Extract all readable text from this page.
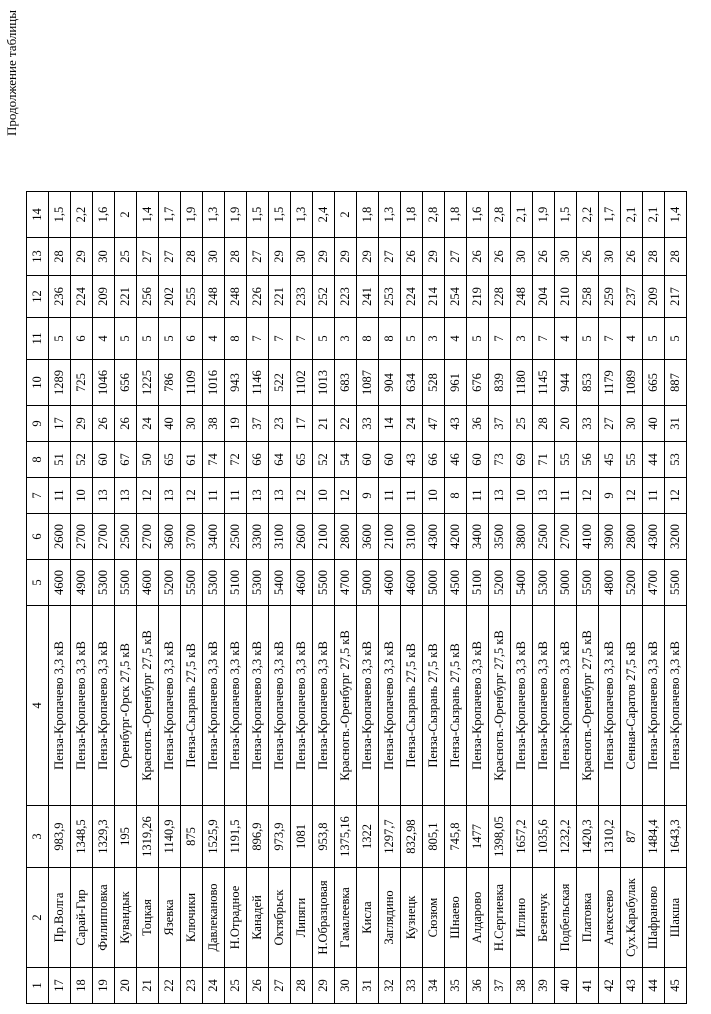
Продолжение таблицы
1	2	3	4	5	6	7	8	9	10	11	12	13	14
17	Пр.Волга	983,9	Пенза-Кропачево 3,3 кВ	4600	2600	11	51	17	1289	5	236	28	1,5
18	Сарай-Гир	1348,5	Пенза-Кропачево 3,3 кВ	4900	2700	10	52	29	725	6	224	29	2,2
19	Филипповка	1329,3	Пенза-Кропачево 3,3 кВ	5300	2700	13	60	26	1046	4	209	30	1,6
20	Кувандык	195	Оренбург-Орск 27,5 кВ	5500	2500	13	67	26	656	5	221	25	2
21	Тоцкая	1319,26	Красногв.-Оренбург 27,5 кВ	4600	2700	12	50	24	1225	5	256	27	1,4
22	Язевка	1140,9	Пенза-Кропачево 3,3 кВ	5200	3600	13	65	40	786	5	202	27	1,7
23	Ключики	875	Пенза-Сызрань 27,5 кВ	5500	3700	12	61	30	1109	6	255	28	1,9
24	Давлеканово	1525,9	Пенза-Кропачево 3,3 кВ	5300	3400	11	74	38	1016	4	248	30	1,3
25	Н.Отрадное	1191,5	Пенза-Кропачево 3,3 кВ	5100	2500	11	72	19	943	8	248	28	1,9
26	Канадей	896,9	Пенза-Кропачево 3,3 кВ	5300	3300	13	66	37	1146	7	226	27	1,5
27	Октябрьск	973,9	Пенза-Кропачево 3,3 кВ	5400	3100	13	64	23	522	7	221	29	1,5
28	Липяги	1081	Пенза-Кропачево 3,3 кВ	4600	2600	12	65	17	1102	7	233	30	1,3
29	Н.Образцовая	953,8	Пенза-Кропачево 3,3 кВ	5500	2100	10	52	21	1013	5	252	29	2,4
30	Гамалеевка	1375,16	Красногв.-Оренбург 27,5 кВ	4700	2800	12	54	22	683	3	223	29	2
31	Кисла	1322	Пенза-Кропачево 3,3 кВ	5000	3600	9	60	33	1087	8	241	29	1,8
32	Заглядино	1297,7	Пенза-Кропачево 3,3 кВ	4600	2100	11	60	14	904	8	253	27	1,3
33	Кузнецк	832,98	Пенза-Сызрань 27,5 кВ	4600	3100	11	43	24	634	5	224	26	1,8
34	Сюзюм	805,1	Пенза-Сызрань 27,5 кВ	5000	4300	10	66	47	528	3	214	29	2,8
35	Шнаево	745,8	Пенза-Сызрань 27,5 кВ	4500	4200	8	46	43	961	4	254	27	1,8
36	Алдарово	1477	Пенза-Кропачево 3,3 кВ	5100	3400	11	60	36	676	5	219	26	1,6
37	Н.Сергиевка	1398,05	Красногв.-Оренбург 27,5 кВ	5200	3500	13	73	37	839	7	228	26	2,8
38	Иглино	1657,2	Пенза-Кропачево 3,3 кВ	5400	3800	10	69	25	1180	3	248	30	2,1
39	Безенчук	1035,6	Пенза-Кропачево 3,3 кВ	5300	2500	13	71	28	1145	7	204	26	1,9
40	Подбельская	1232,2	Пенза-Кропачево 3,3 кВ	5000	2700	11	55	20	944	4	210	30	1,5
41	Платовка	1420,3	Красногв.-Оренбург 27,5 кВ	5500	4100	12	56	33	853	5	258	26	2,2
42	Алексеево	1310,2	Пенза-Кропачево 3,3 кВ	4800	3900	9	45	27	1179	7	259	30	1,7
43	Сух.Карабулак	87	Сенная-Саратов 27,5 кВ	5200	2800	12	55	30	1089	4	237	26	2,1
44	Шафраново	1484,4	Пенза-Кропачево 3,3 кВ	4700	4300	11	44	40	665	5	209	28	2,1
45	Шакша	1643,3	Пенза-Кропачево 3,3 кВ	5500	3200	12	53	31	887	5	217	28	1,4
